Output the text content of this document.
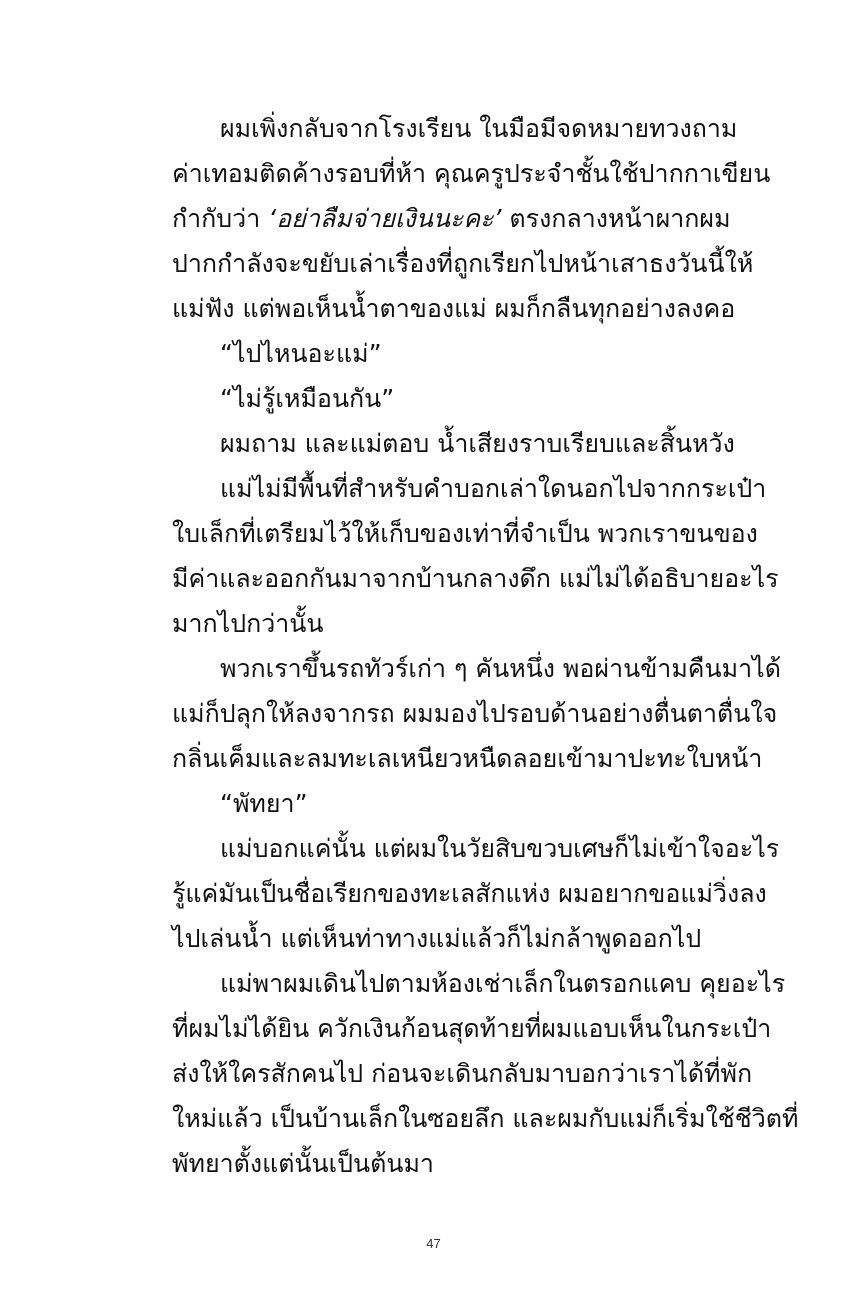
ผมเพิ่งกลับจากโรงเรียน ในมือมีจดหมายทวงถาม
ค่าเทอมติดค้างรอบที่ห้า คุณครูประจำชั้นใช้ปากกาเขียน
กำกับว่า ‘อย่าลืมจ่ายเงินนะคะ’ ตรงกลางหน้าผากผม
ปากกำลังจะขยับเล่าเรื่องที่ถูกเรียกไปหน้าเสาธงวันนี้ให้
แม่ฟัง แต่พอเห็นน้ำตาของแม่ ผมก็กลืนทุกอย่างลงคอ
“ไปไหนอะแม่”
“ไม่รู้เหมือนกัน”
ผมถาม และแม่ตอบ น้ำเสียงราบเรียบและสิ้นหวัง
แม่ไม่มีพื้นที่สำหรับคำบอกเล่าใดนอกไปจากกระเป๋า
ใบเล็กที่เตรียมไว้ให้เก็บของเท่าที่จำเป็น พวกเราขนของ
มีค่าและออกกันมาจากบ้านกลางดึก แม่ไม่ได้อธิบายอะไร
มากไปกว่านั้น
พวกเราขึ้นรถทัวร์เก่า ๆ คันหนึ่ง พอผ่านข้ามคืนมาได้
แม่ก็ปลุกให้ลงจากรถ ผมมองไปรอบด้านอย่างตื่นตาตื่นใจ
กลิ่นเค็มและลมทะเลเหนียวหนืดลอยเข้ามาปะทะใบหน้า
“พัทยา”
แม่บอกแค่นั้น แต่ผมในวัยสิบขวบเศษก็ไม่เข้าใจอะไร
รู้แค่มันเป็นชื่อเรียกของทะเลสักแห่ง ผมอยากขอแม่วิ่งลง
ไปเล่นน้ำ แต่เห็นท่าทางแม่แล้วก็ไม่กล้าพูดออกไป
แม่พาผมเดินไปตามห้องเช่าเล็กในตรอกแคบ คุยอะไร
ที่ผมไม่ได้ยิน ควักเงินก้อนสุดท้ายที่ผมแอบเห็นในกระเป๋า
ส่งให้ใครสักคนไป ก่อนจะเดินกลับมาบอกว่าเราได้ที่พัก
ใหม่แล้ว เป็นบ้านเล็กในซอยลึก และผมกับแม่ก็เริ่มใช้ชีวิตที่
พัทยาตั้งแต่นั้นเป็นต้นมา
47
